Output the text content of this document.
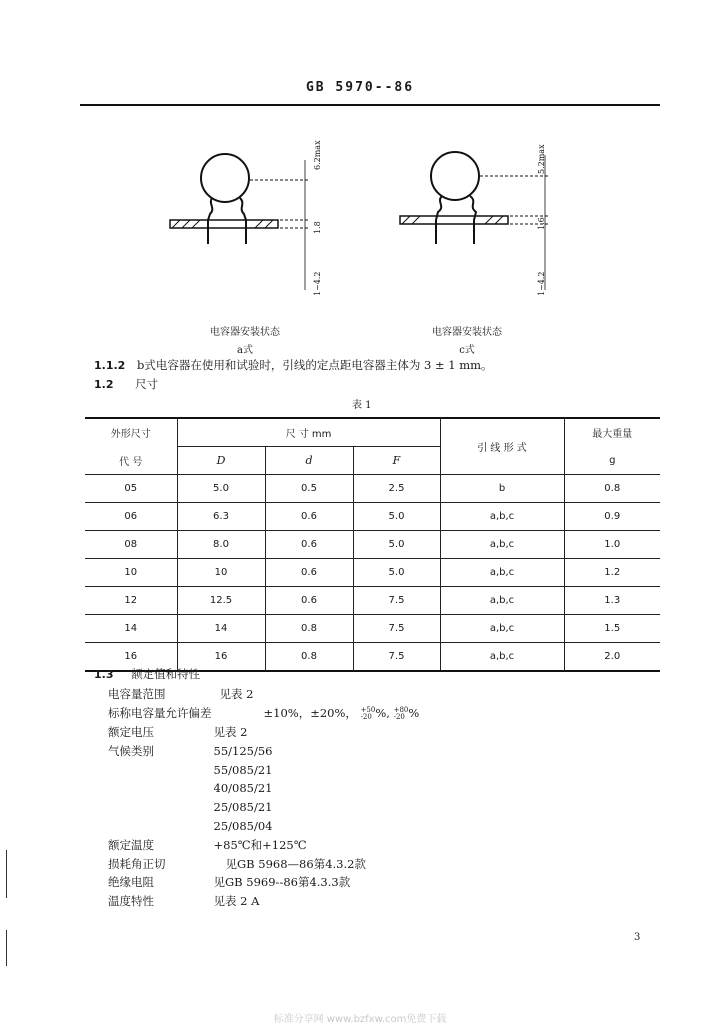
GB 5970--86
6.2max
1.8
1~4.2
电容器安装状态
a式
5.2max
1.6
1~4.2
电容器安装状态
c式
1.1.2 b式电容器在使用和试验时，引线的定点距电容器主体为 3 ± 1 mm。
1.2 尺寸
表 1
外形尺寸	尺 寸 mm			引 线 形 式	最大重量
代 号	D	d	F		g
05	5.0	0.5	2.5	b	0.8
06	6.3	0.6	5.0	a,b,c	0.9
08	8.0	0.6	5.0	a,b,c	1.0
10	10	0.6	5.0	a,b,c	1.2
12	12.5	0.6	7.5	a,b,c	1.3
14	14	0.8	7.5	a,b,c	1.5
16	16	0.8	7.5	a,b,c	2.0
1.3 额定值和特性
电容量范围	见表 2
标称电容量允许偏差	±10%，±20%， +50
-20 %, +80
-20 %
额定电压	见表 2
气候类别	55/125/56
	55/085/21
	40/085/21
	25/085/21
	25/085/04
额定温度	+85℃和+125℃
损耗角正切	见GB 5968—86第4.3.2款
绝缘电阻	见GB 5969--86第4.3.3款
温度特性	见表 2 A
3
标准分享网 www.bzfxw.com免费下载
